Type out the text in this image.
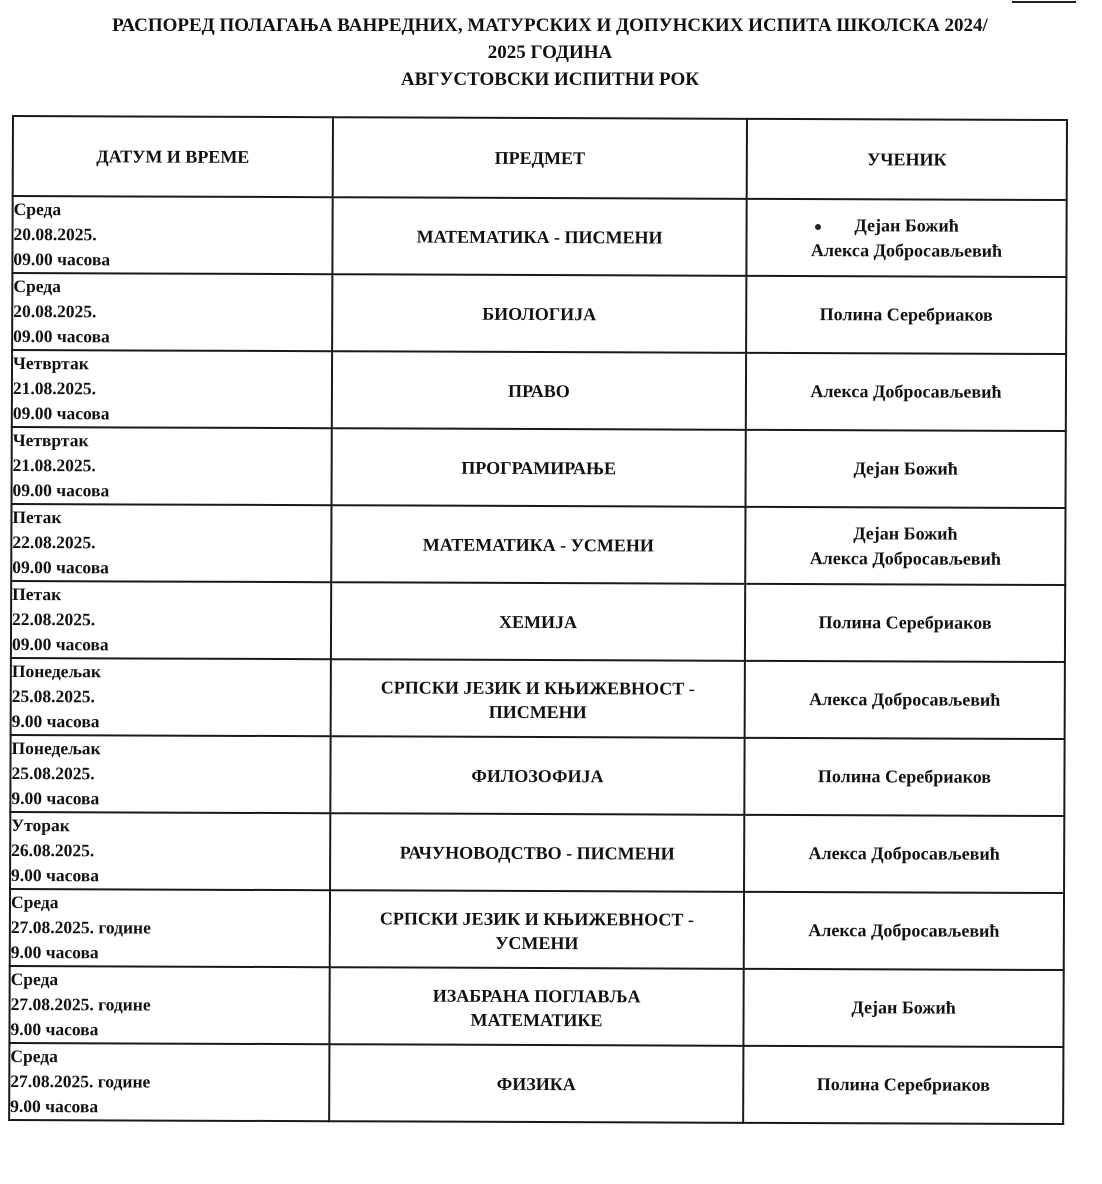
РАСПОРЕД ПОЛАГАЊА ВАНРЕДНИХ, МАТУРСКИХ И ДОПУНСКИХ ИСПИТА ШКОЛСКА 2024/
2025 ГОДИНА
АВГУСТОВСКИ ИСПИТНИ РОК
ДАТУМ И ВРЕМЕ	ПРЕДМЕТ	УЧЕНИК

Среда
20.08.2025.
09.00 часова	МАТЕМАТИКА - ПИСМЕНИ	Дејан Божић
Алекса Добросављевић

Среда
20.08.2025.
09.00 часова	БИОЛОГИЈА	Полина Серебриаков

Четвртак
21.08.2025.
09.00 часова	ПРАВО	Алекса Добросављевић

Четвртак
21.08.2025.
09.00 часова	ПРОГРАМИРАЊЕ	Дејан Божић

Петак
22.08.2025.
09.00 часова	МАТЕМАТИКА - УСМЕНИ	Дејан Божић
Алекса Добросављевић

Петак
22.08.2025.
09.00 часова	ХЕМИЈА	Полина Серебриаков

Понедељак
25.08.2025.
9.00 часова	СРПСКИ ЈЕЗИК И КЊИЖЕВНОСТ -
ПИСМЕНИ	Алекса Добросављевић

Понедељак
25.08.2025.
9.00 часова	ФИЛОЗОФИЈА	Полина Серебриаков

Уторак
26.08.2025.
9.00 часова	РАЧУНОВОДСТВО - ПИСМЕНИ	Алекса Добросављевић

Среда
27.08.2025. године
9.00 часова	СРПСКИ ЈЕЗИК И КЊИЖЕВНОСТ -
УСМЕНИ	Алекса Добросављевић

Среда
27.08.2025. године
9.00 часова	ИЗАБРАНА ПОГЛАВЉА
МАТЕМАТИКЕ	Дејан Божић

Среда
27.08.2025. године
9.00 часова	ФИЗИКА	Полина Серебриаков
